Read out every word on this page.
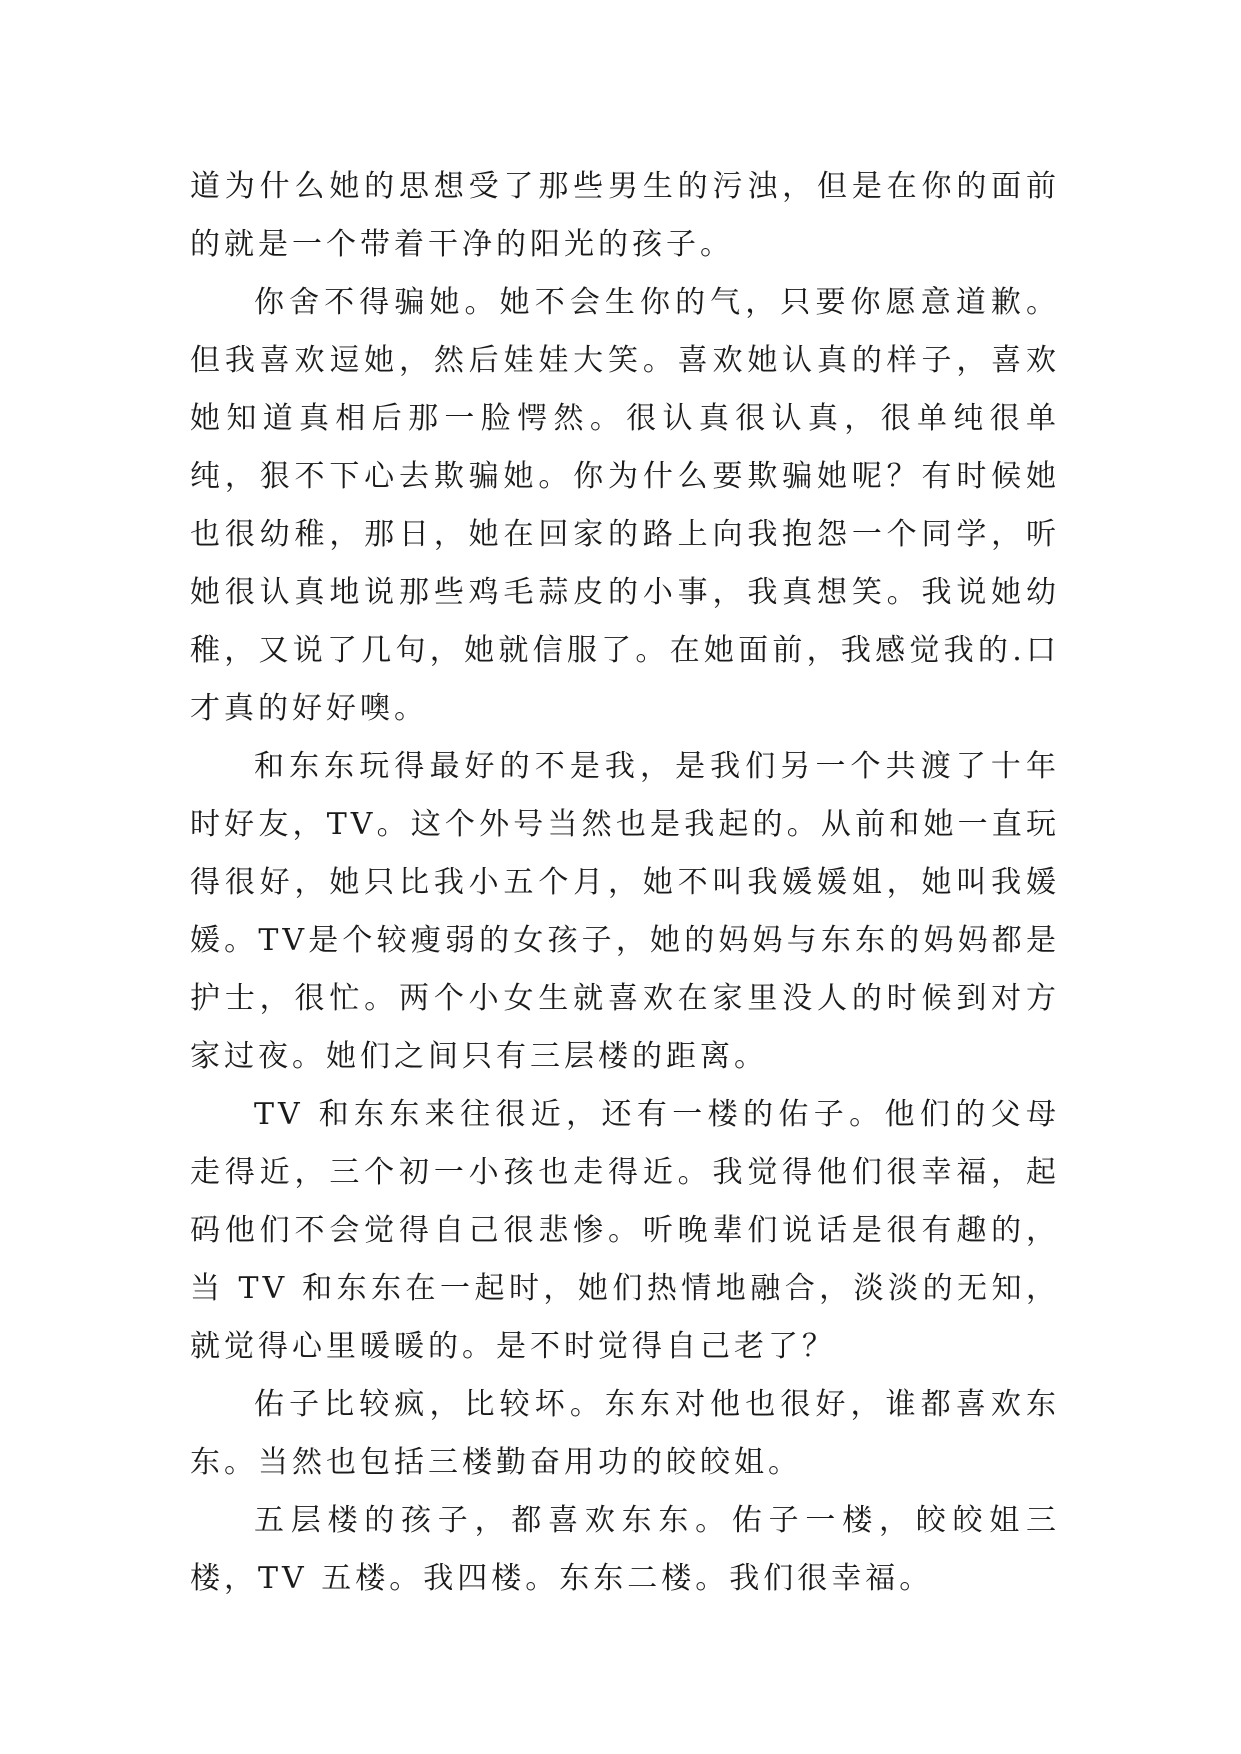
道为什么她的思想受了那些男生的污浊，但是在你的面前的就是一个带着干净的阳光的孩子。

你舍不得骗她。她不会生你的气，只要你愿意道歉。但我喜欢逗她，然后娃娃大笑。喜欢她认真的样子，喜欢她知道真相后那一脸愕然。很认真很认真，很单纯很单纯，狠不下心去欺骗她。你为什么要欺骗她呢？有时候她也很幼稚，那日，她在回家的路上向我抱怨一个同学，听她很认真地说那些鸡毛蒜皮的小事，我真想笑。我说她幼稚，又说了几句，她就信服了。在她面前，我感觉我的.口才真的好好噢。

和东东玩得最好的不是我，是我们另一个共渡了十年时好友，TV。这个外号当然也是我起的。从前和她一直玩得很好，她只比我小五个月，她不叫我媛媛姐，她叫我媛媛。TV是个较瘦弱的女孩子，她的妈妈与东东的妈妈都是护士，很忙。两个小女生就喜欢在家里没人的时候到对方家过夜。她们之间只有三层楼的距离。

TV 和东东来往很近，还有一楼的佑子。他们的父母走得近，三个初一小孩也走得近。我觉得他们很幸福，起码他们不会觉得自己很悲惨。听晚辈们说话是很有趣的，当 TV 和东东在一起时，她们热情地融合，淡淡的无知，就觉得心里暖暖的。是不时觉得自己老了？

佑子比较疯，比较坏。东东对他也很好，谁都喜欢东东。当然也包括三楼勤奋用功的皎皎姐。

五层楼的孩子，都喜欢东东。佑子一楼，皎皎姐三楼，TV 五楼。我四楼。东东二楼。我们很幸福。
